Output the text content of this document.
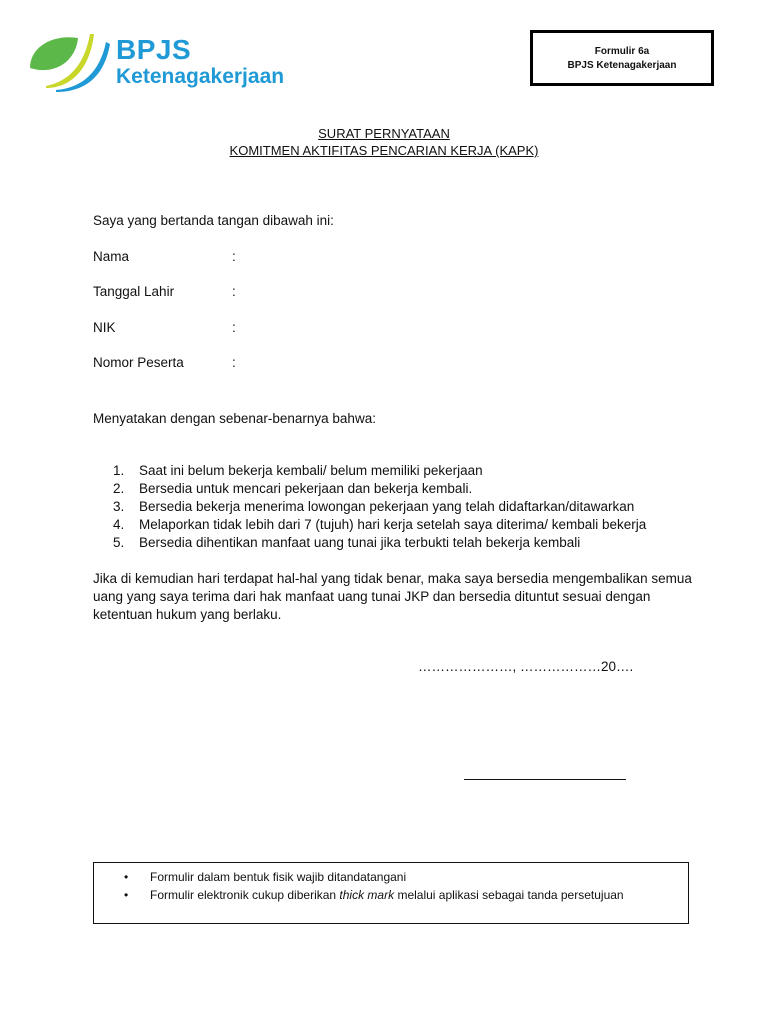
BPJS
Ketenagakerjaan
Formulir 6a
BPJS Ketenagakerjaan
SURAT PERNYATAAN
KOMITMEN AKTIFITAS PENCARIAN KERJA (KAPK)
Saya yang bertanda tangan dibawah ini:
Nama	:
Tanggal Lahir	:
NIK	:
Nomor Peserta	:
Menyatakan dengan sebenar-benarnya bahwa:
1.	Saat ini belum bekerja kembali/ belum memiliki pekerjaan
2.	Bersedia untuk mencari pekerjaan dan bekerja kembali.
3.	Bersedia bekerja menerima lowongan pekerjaan yang telah didaftarkan/ditawarkan
4.	Melaporkan tidak lebih dari 7 (tujuh) hari kerja setelah saya diterima/ kembali bekerja
5.	Bersedia dihentikan manfaat uang tunai jika terbukti telah bekerja kembali
Jika di kemudian hari terdapat hal-hal yang tidak benar, maka saya bersedia mengembalikan semua uang yang saya terima dari hak manfaat uang tunai JKP dan bersedia dituntut sesuai dengan ketentuan hukum yang berlaku.
…………………, ………………20….
•	Formulir dalam bentuk fisik wajib ditandatangani
•	Formulir elektronik cukup diberikan thick mark melalui aplikasi sebagai tanda persetujuan
